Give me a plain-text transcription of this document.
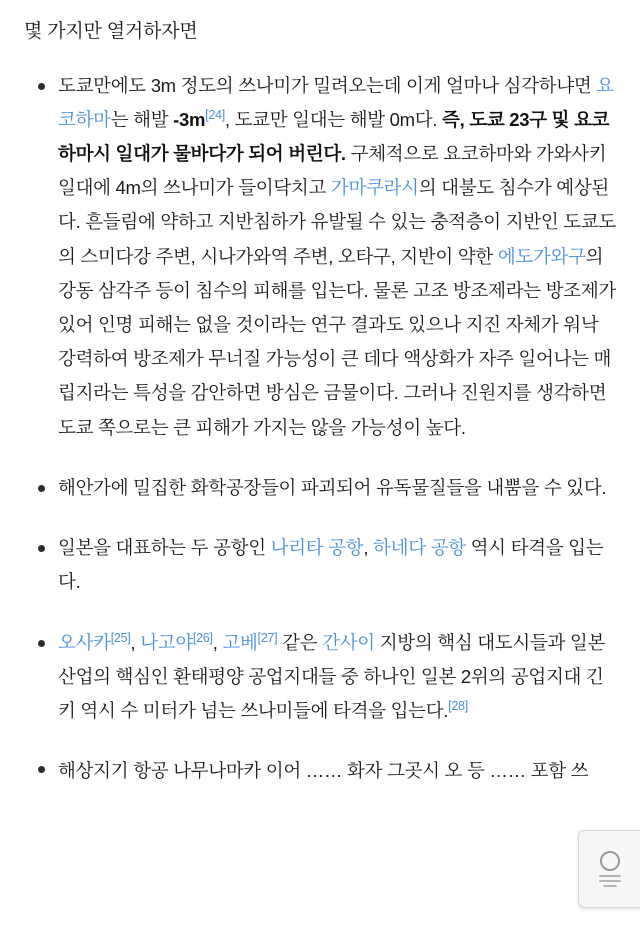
몇 가지만 열거하자면

도쿄만에도 3m 정도의 쓰나미가 밀려오는데 이게 얼마나 심각하냐면 요코하마는 해발 -3m[24], 도쿄만 일대는 해발 0m다. 즉, 도쿄 23구 및 요코하마시 일대가 물바다가 되어 버린다. 구체적으로 요코하마와 가와사키 일대에 4m의 쓰나미가 들이닥치고 가마쿠라시의 대불도 침수가 예상된다. 흔들림에 약하고 지반침하가 유발될 수 있는 충적층이 지반인 도쿄도의 스미다강 주변, 시나가와역 주변, 오타구, 지반이 약한 에도가와구의 강동 삼각주 등이 침수의 피해를 입는다. 물론 고조 방조제라는 방조제가 있어 인명 피해는 없을 것이라는 연구 결과도 있으나 지진 자체가 워낙 강력하여 방조제가 무너질 가능성이 큰 데다 액상화가 자주 일어나는 매립지라는 특성을 감안하면 방심은 금물이다. 그러나 진원지를 생각하면 도쿄 쪽으로는 큰 피해가 가지는 않을 가능성이 높다.
해안가에 밀집한 화학공장들이 파괴되어 유독물질들을 내뿜을 수 있다.
일본을 대표하는 두 공항인 나리타 공항, 하네다 공항 역시 타격을 입는다.
오사카[25], 나고야[26], 고베[27] 같은 간사이 지방의 핵심 대도시들과 일본 산업의 핵심인 환태평양 공업지대들 중 하나인 일본 2위의 공업지대 긴키 역시 수 미터가 넘는 쓰나미들에 타격을 입는다.[28]
해상지기 항공 나무나마카 이어 …… 화자 그곳시 오 등 …… 포함 쓰
